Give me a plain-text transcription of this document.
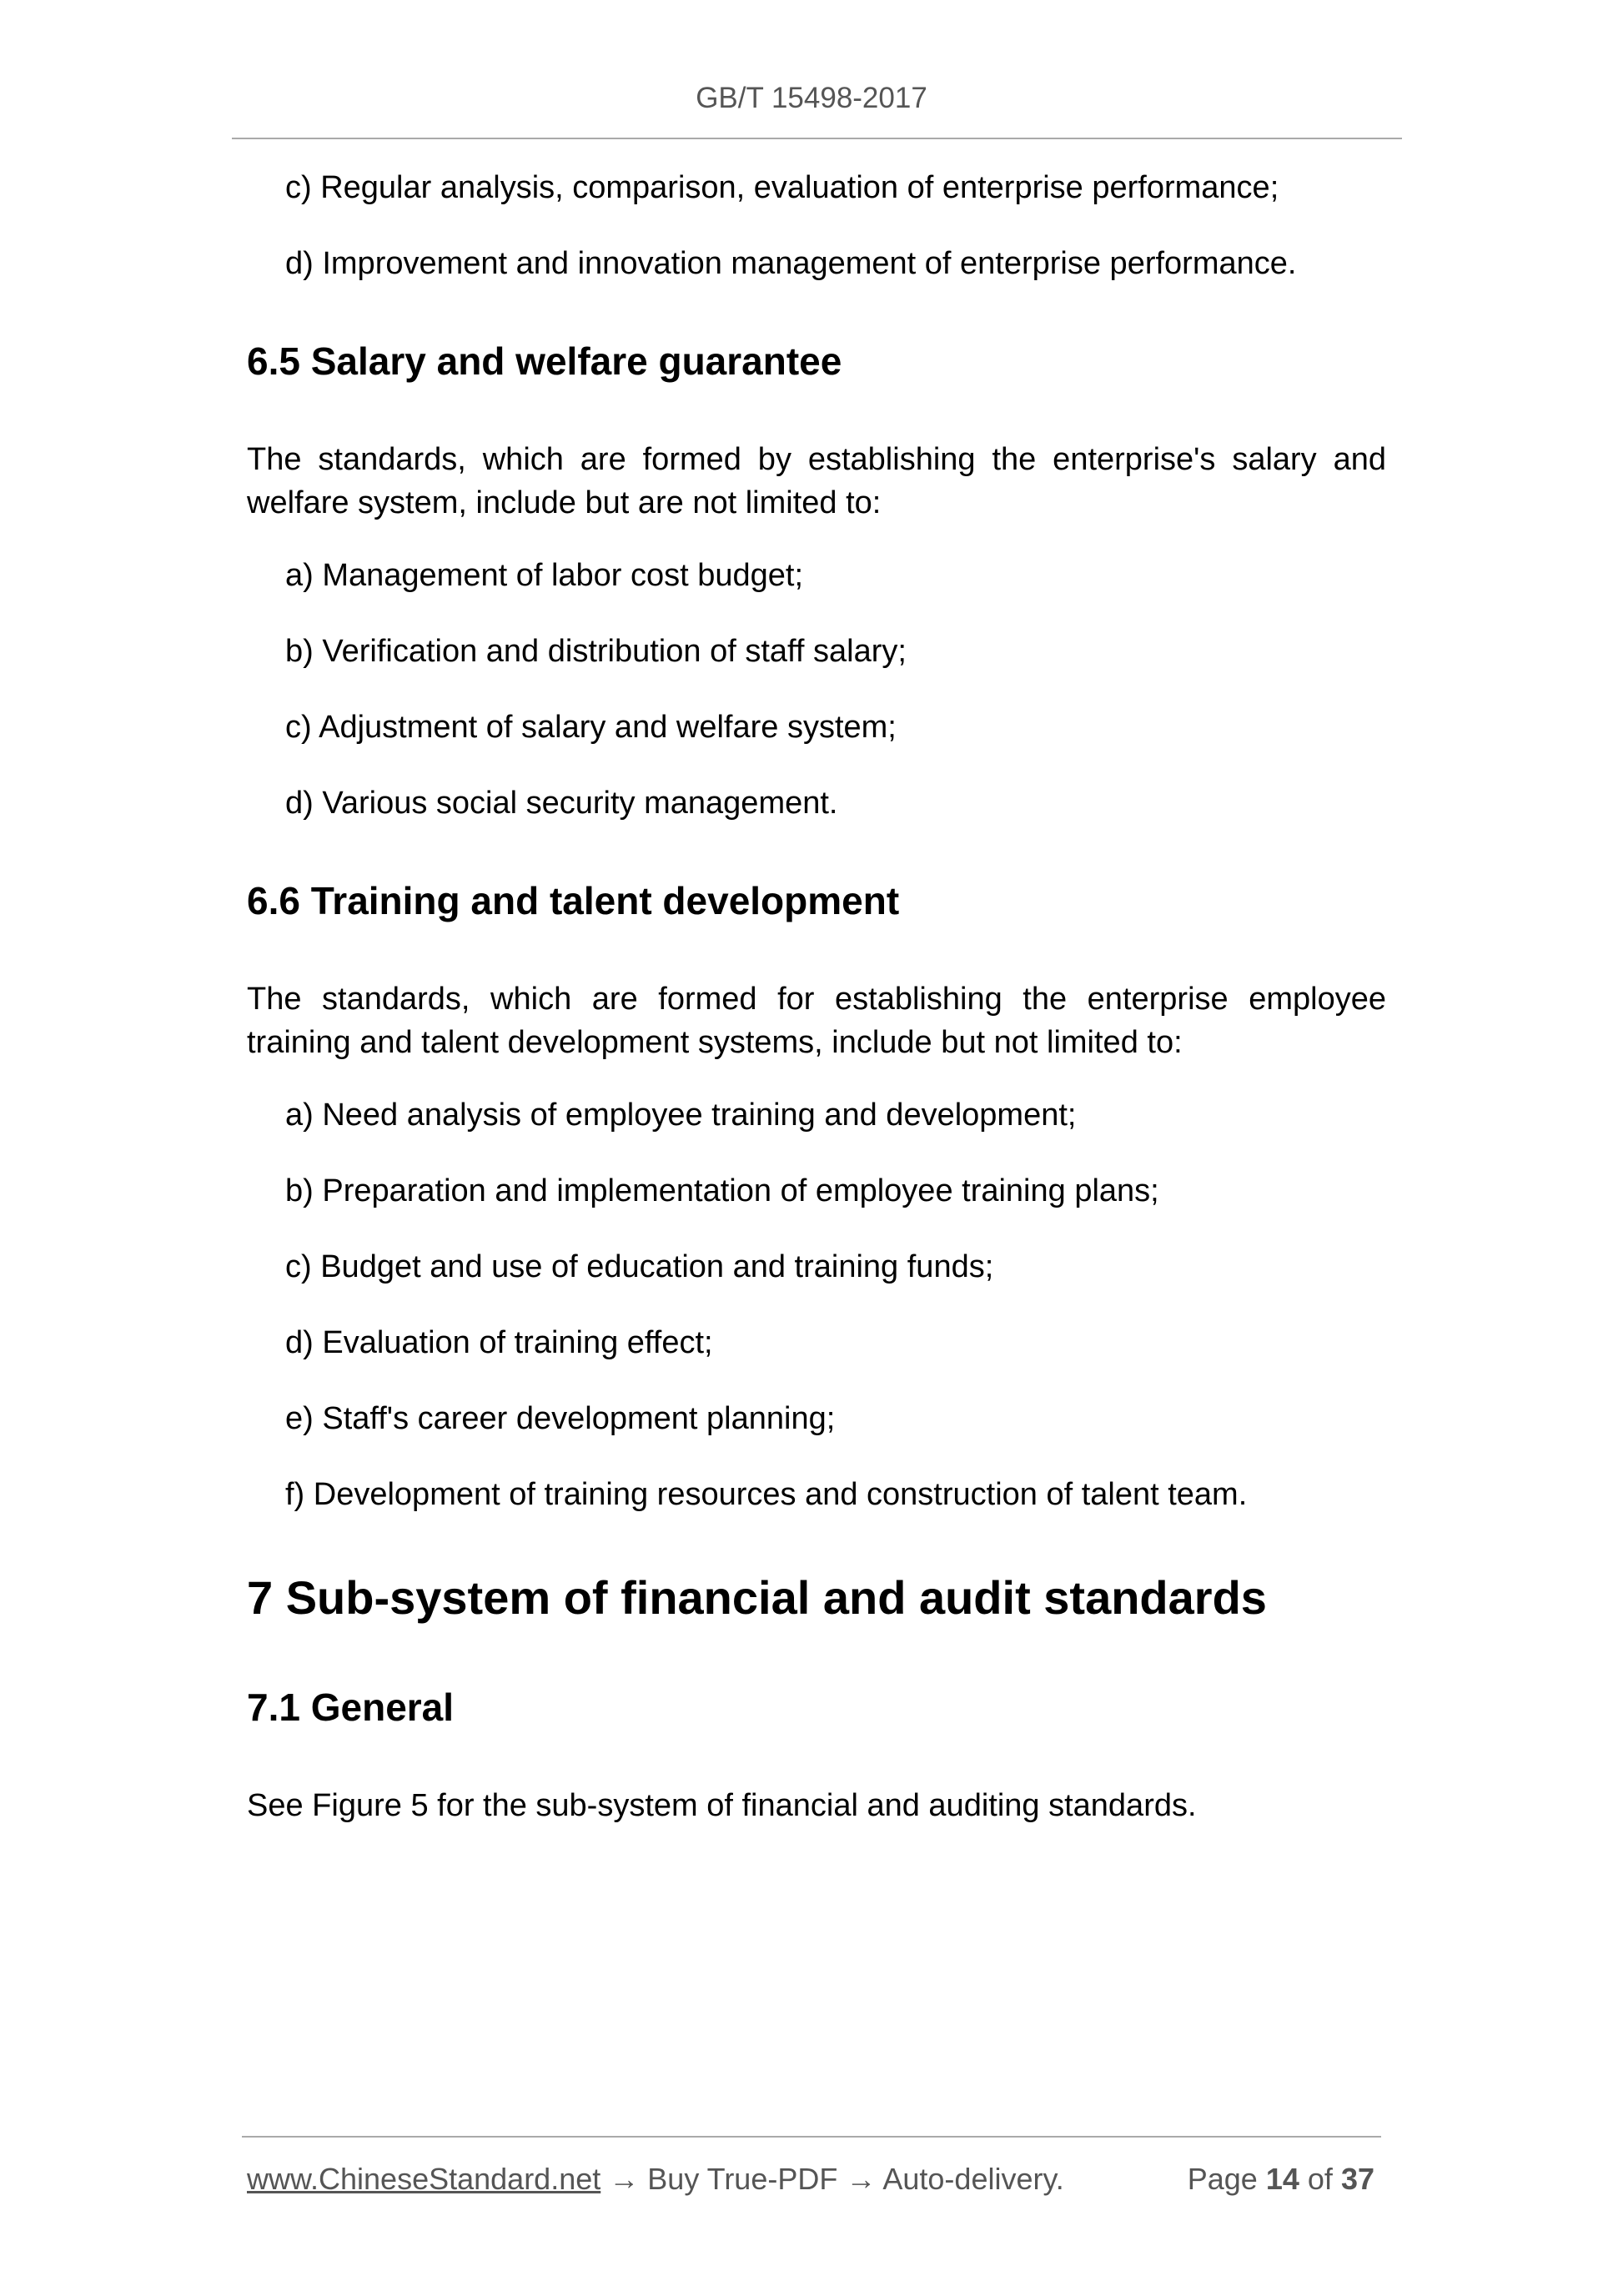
GB/T 15498-2017
c) Regular analysis, comparison, evaluation of enterprise performance;
d) Improvement and innovation management of enterprise performance.
6.5 Salary and welfare guarantee
The standards, which are formed by establishing the enterprise's salary and welfare system, include but are not limited to:
a) Management of labor cost budget;
b) Verification and distribution of staff salary;
c) Adjustment of salary and welfare system;
d) Various social security management.
6.6 Training and talent development
The standards, which are formed for establishing the enterprise employee training and talent development systems, include but not limited to:
a) Need analysis of employee training and development;
b) Preparation and implementation of employee training plans;
c) Budget and use of education and training funds;
d) Evaluation of training effect;
e) Staff's career development planning;
f) Development of training resources and construction of talent team.
7 Sub-system of financial and audit standards
7.1 General
See Figure 5 for the sub-system of financial and auditing standards.
www.ChineseStandard.net → Buy True-PDF → Auto-delivery.	Page 14 of 37
